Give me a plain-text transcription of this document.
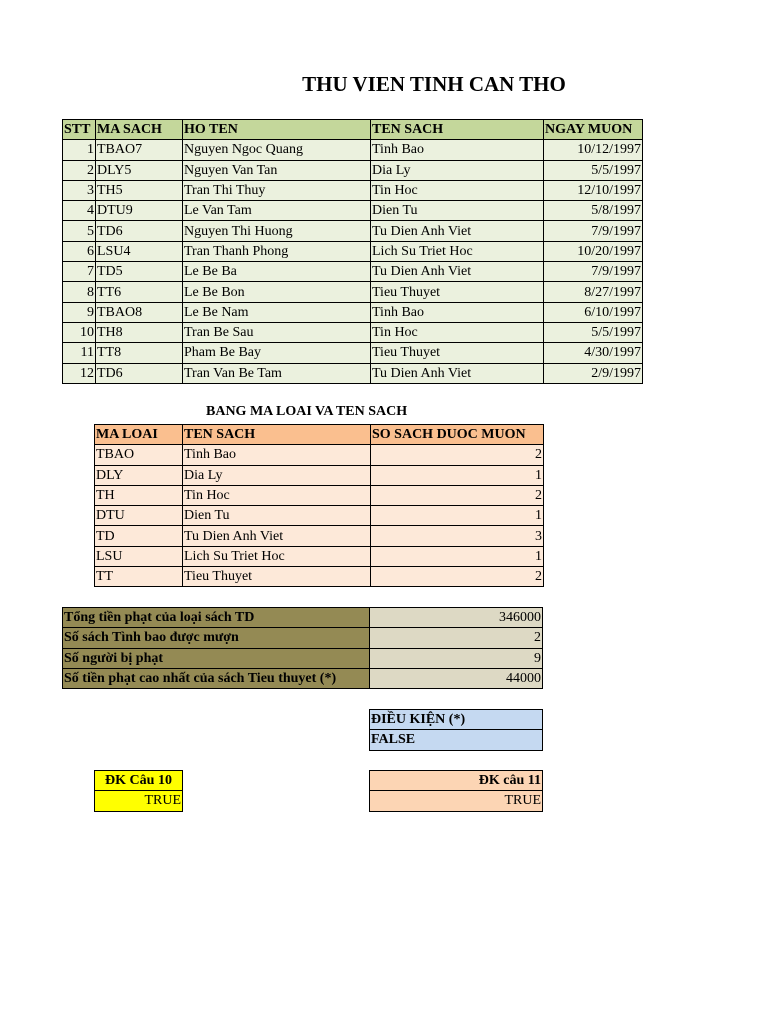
THU VIEN TINH CAN THO
STT	MA SACH	HO TEN	TEN SACH	NGAY MUON
1	TBAO7	Nguyen Ngoc Quang	Tinh Bao	10/12/1997
2	DLY5	Nguyen Van Tan	Dia Ly	5/5/1997
3	TH5	Tran Thi Thuy	Tin Hoc	12/10/1997
4	DTU9	Le Van Tam	Dien Tu	5/8/1997
5	TD6	Nguyen Thi Huong	Tu Dien Anh Viet	7/9/1997
6	LSU4	Tran Thanh Phong	Lich Su Triet Hoc	10/20/1997
7	TD5	Le Be Ba	Tu Dien Anh Viet	7/9/1997
8	TT6	Le Be Bon	Tieu Thuyet	8/27/1997
9	TBAO8	Le Be Nam	Tinh Bao	6/10/1997
10	TH8	Tran Be Sau	Tin Hoc	5/5/1997
11	TT8	Pham Be Bay	Tieu Thuyet	4/30/1997
12	TD6	Tran Van Be Tam	Tu Dien Anh Viet	2/9/1997
BANG MA LOAI VA TEN SACH
MA LOAI	TEN SACH	SO SACH DUOC MUON
TBAO	Tinh Bao	2
DLY	Dia Ly	1
TH	Tin Hoc	2
DTU	Dien Tu	1
TD	Tu Dien Anh Viet	3
LSU	Lich Su Triet Hoc	1
TT	Tieu Thuyet	2
Tổng tiền phạt của loại sách TD	346000
Số sách Tình bao được mượn	2
Số người bị phạt	9
Số tiền phạt cao nhất của sách Tieu thuyet (*)	44000
ĐIỀU KIỆN (*)
FALSE
ĐK Câu 10
TRUE
ĐK câu 11
TRUE
